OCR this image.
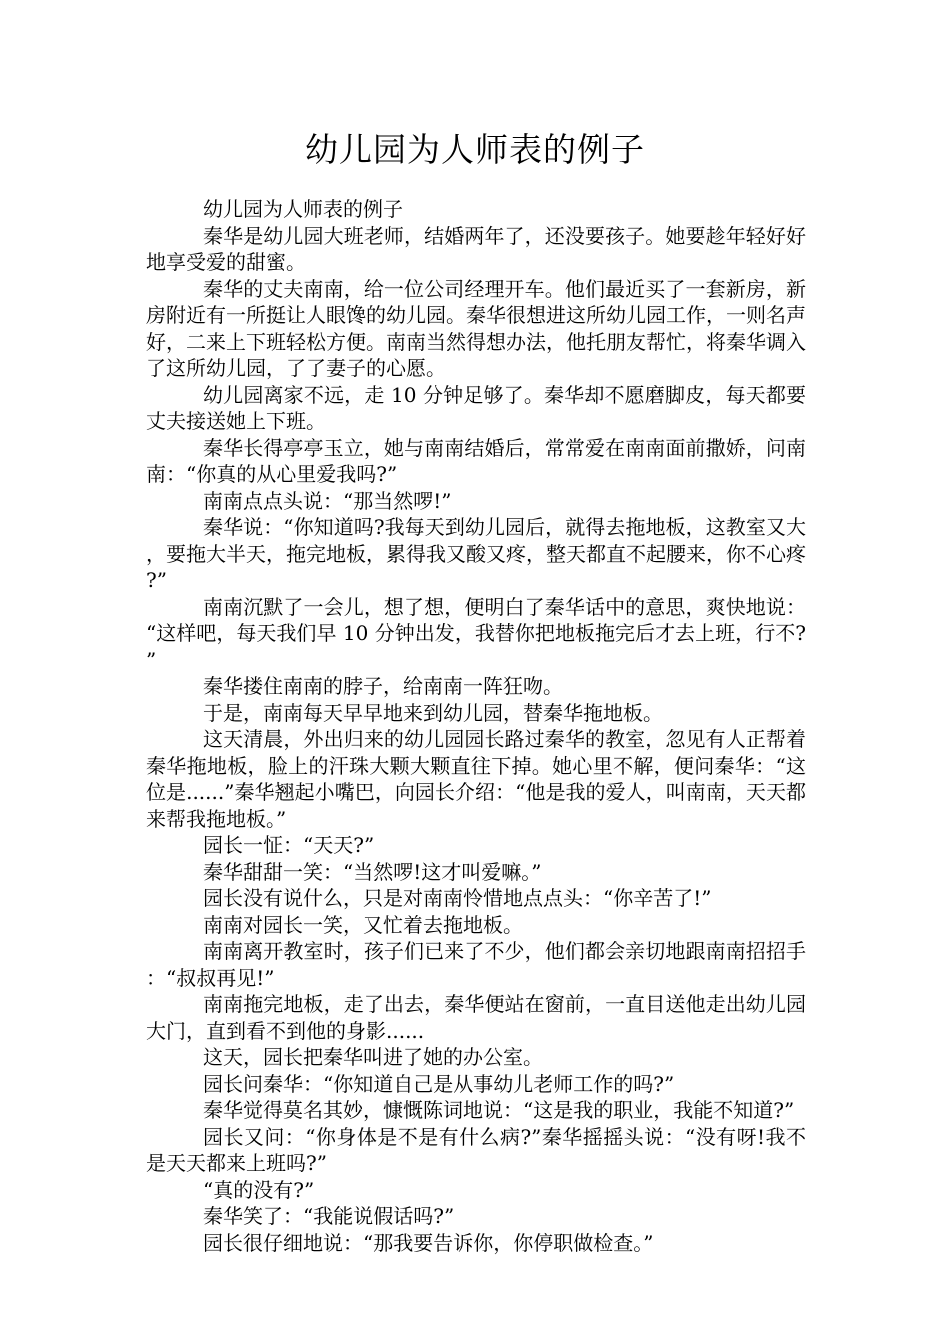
幼儿园为人师表的例子

幼儿园为人师表的例子

秦华是幼儿园大班老师，结婚两年了，还没要孩子。她要趁年轻好好地享受爱的甜蜜。

秦华的丈夫南南，给一位公司经理开车。他们最近买了一套新房，新房附近有一所挺让人眼馋的幼儿园。秦华很想进这所幼儿园工作，一则名声好，二来上下班轻松方便。南南当然得想办法，他托朋友帮忙，将秦华调入了这所幼儿园，了了妻子的心愿。

幼儿园离家不远，走 10 分钟足够了。秦华却不愿磨脚皮，每天都要丈夫接送她上下班。

秦华长得亭亭玉立，她与南南结婚后，常常爱在南南面前撒娇，问南南：“你真的从心里爱我吗?”

南南点点头说：“那当然啰!”

秦华说：“你知道吗?我每天到幼儿园后，就得去拖地板，这教室又大，要拖大半天，拖完地板，累得我又酸又疼，整天都直不起腰来，你不心疼?”

南南沉默了一会儿，想了想，便明白了秦华话中的意思，爽快地说：“这样吧，每天我们早 10 分钟出发，我替你把地板拖完后才去上班，行不?”

秦华搂住南南的脖子，给南南一阵狂吻。

于是，南南每天早早地来到幼儿园，替秦华拖地板。

这天清晨，外出归来的幼儿园园长路过秦华的教室，忽见有人正帮着秦华拖地板，脸上的汗珠大颗大颗直往下掉。她心里不解，便问秦华：“这位是......”秦华翘起小嘴巴，向园长介绍：“他是我的爱人，叫南南，天天都来帮我拖地板。”

园长一怔：“天天?”

秦华甜甜一笑：“当然啰!这才叫爱嘛。”

园长没有说什么，只是对南南怜惜地点点头：“你辛苦了!”

南南对园长一笑，又忙着去拖地板。

南南离开教室时，孩子们已来了不少，他们都会亲切地跟南南招招手：“叔叔再见!”

南南拖完地板，走了出去，秦华便站在窗前，一直目送他走出幼儿园大门，直到看不到他的身影......

这天，园长把秦华叫进了她的办公室。

园长问秦华：“你知道自己是从事幼儿老师工作的吗?”

秦华觉得莫名其妙，慷慨陈词地说：“这是我的职业，我能不知道?”

园长又问：“你身体是不是有什么病?”秦华摇摇头说：“没有呀!我不是天天都来上班吗?”

“真的没有?”

秦华笑了：“我能说假话吗?”

园长很仔细地说：“那我要告诉你，你停职做检查。”
